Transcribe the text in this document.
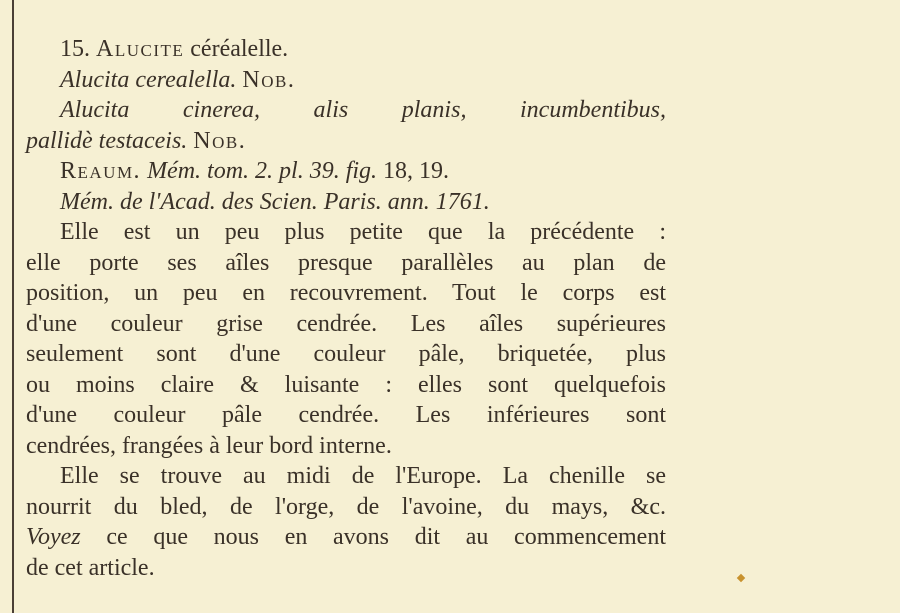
15. Alucite céréalelle.
Alucita cerealella. Nob.
Alucita cinerea, alis planis, incumbentibus,
pallidè testaceis. Nob.
Reaum. Mém. tom. 2. pl. 39. fig. 18, 19.
Mém. de l'Acad. des Scien. Paris. ann. 1761.
Elle est un peu plus petite que la précédente :
elle porte ses aîles presque parallèles au plan de
position, un peu en recouvrement. Tout le corps est
d'une couleur grise cendrée. Les aîles supérieures
seulement sont d'une couleur pâle, briquetée, plus
ou moins claire & luisante : elles sont quelquefois
d'une couleur pâle cendrée. Les inférieures sont
cendrées, frangées à leur bord interne.
Elle se trouve au midi de l'Europe. La chenille se
nourrit du bled, de l'orge, de l'avoine, du mays, &c.
Voyez ce que nous en avons dit au commencement
de cet article.
